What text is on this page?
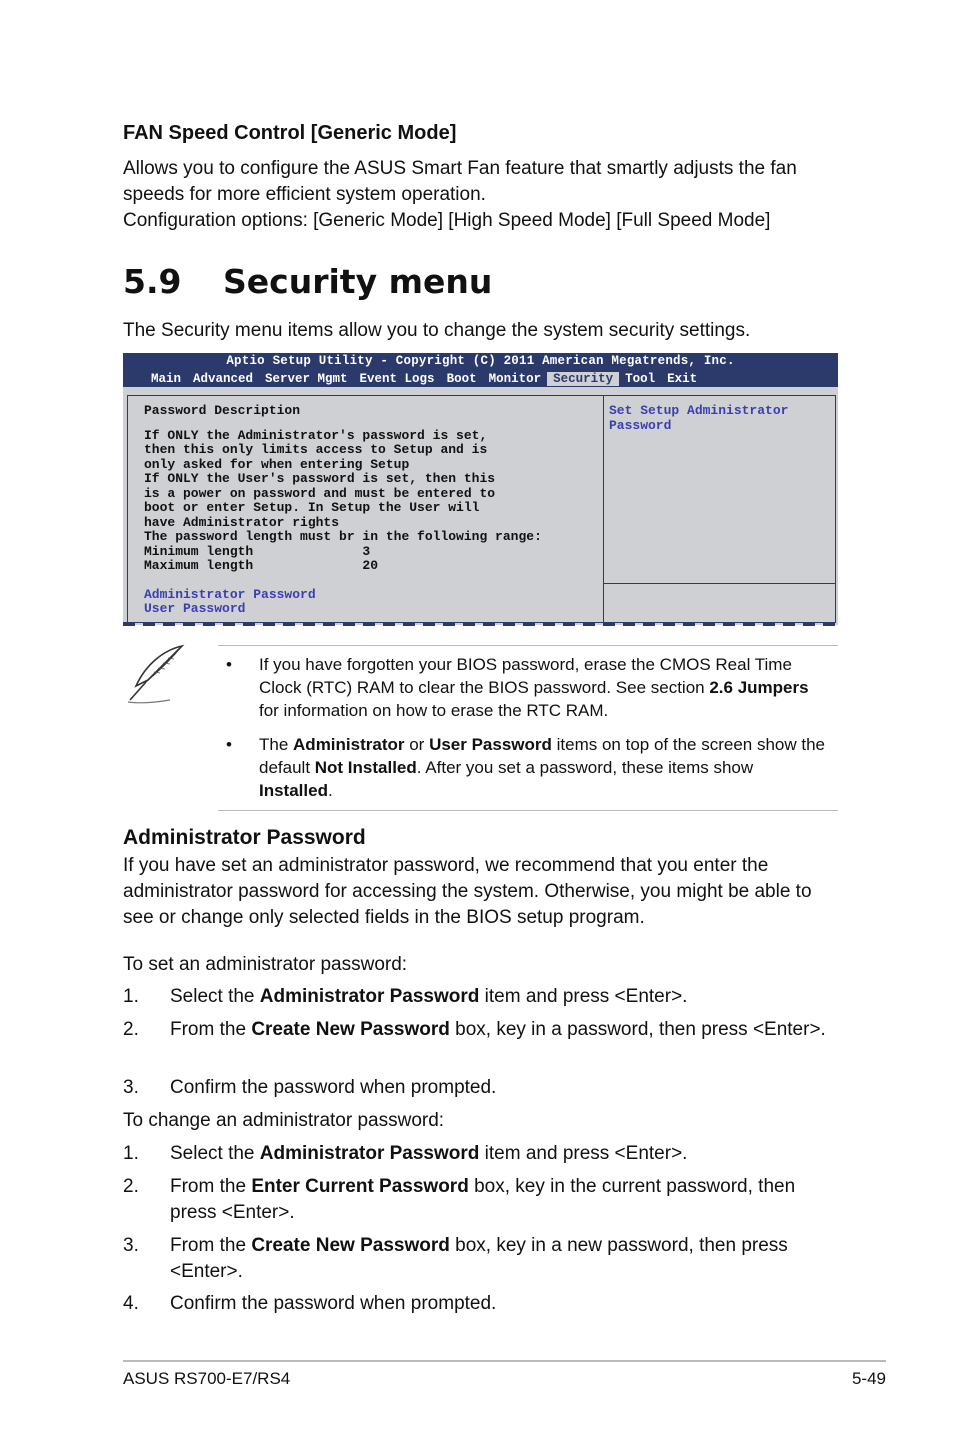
FAN Speed Control [Generic Mode]
Allows you to configure the ASUS Smart Fan feature that smartly adjusts the fan speeds for more efficient system operation.
Configuration options: [Generic Mode] [High Speed Mode] [Full Speed Mode]
5.9 Security menu
The Security menu items allow you to change the system security settings.
Aptio Setup Utility - Copyright (C) 2011 American Megatrends, Inc.
Main Advanced Server Mgmt Event Logs Boot Monitor Security Tool Exit
Password Description
If ONLY the Administrator's password is set,
then this only limits access to Setup and is
only asked for when entering Setup
If ONLY the User's password is set, then this
is a power on password and must be entered to
boot or enter Setup. In Setup the User will
have Administrator rights
The password length must br in the following range:
Minimum length              3
Maximum length              20
Administrator Password
User Password
Set Setup Administrator
Password
• If you have forgotten your BIOS password, erase the CMOS Real Time Clock (RTC) RAM to clear the BIOS password. See section 2.6 Jumpers for information on how to erase the RTC RAM.
• The Administrator or User Password items on top of the screen show the default Not Installed. After you set a password, these items show Installed.
Administrator Password
If you have set an administrator password, we recommend that you enter the administrator password for accessing the system. Otherwise, you might be able to see or change only selected fields in the BIOS setup program.
To set an administrator password:
1. Select the Administrator Password item and press <Enter>.
2. From the Create New Password box, key in a password, then press <Enter>.
3. Confirm the password when prompted.
To change an administrator password:
1. Select the Administrator Password item and press <Enter>.
2. From the Enter Current Password box, key in the current password, then press <Enter>.
3. From the Create New Password box, key in a new password, then press <Enter>.
4. Confirm the password when prompted.
ASUS RS700-E7/RS4	5-49
